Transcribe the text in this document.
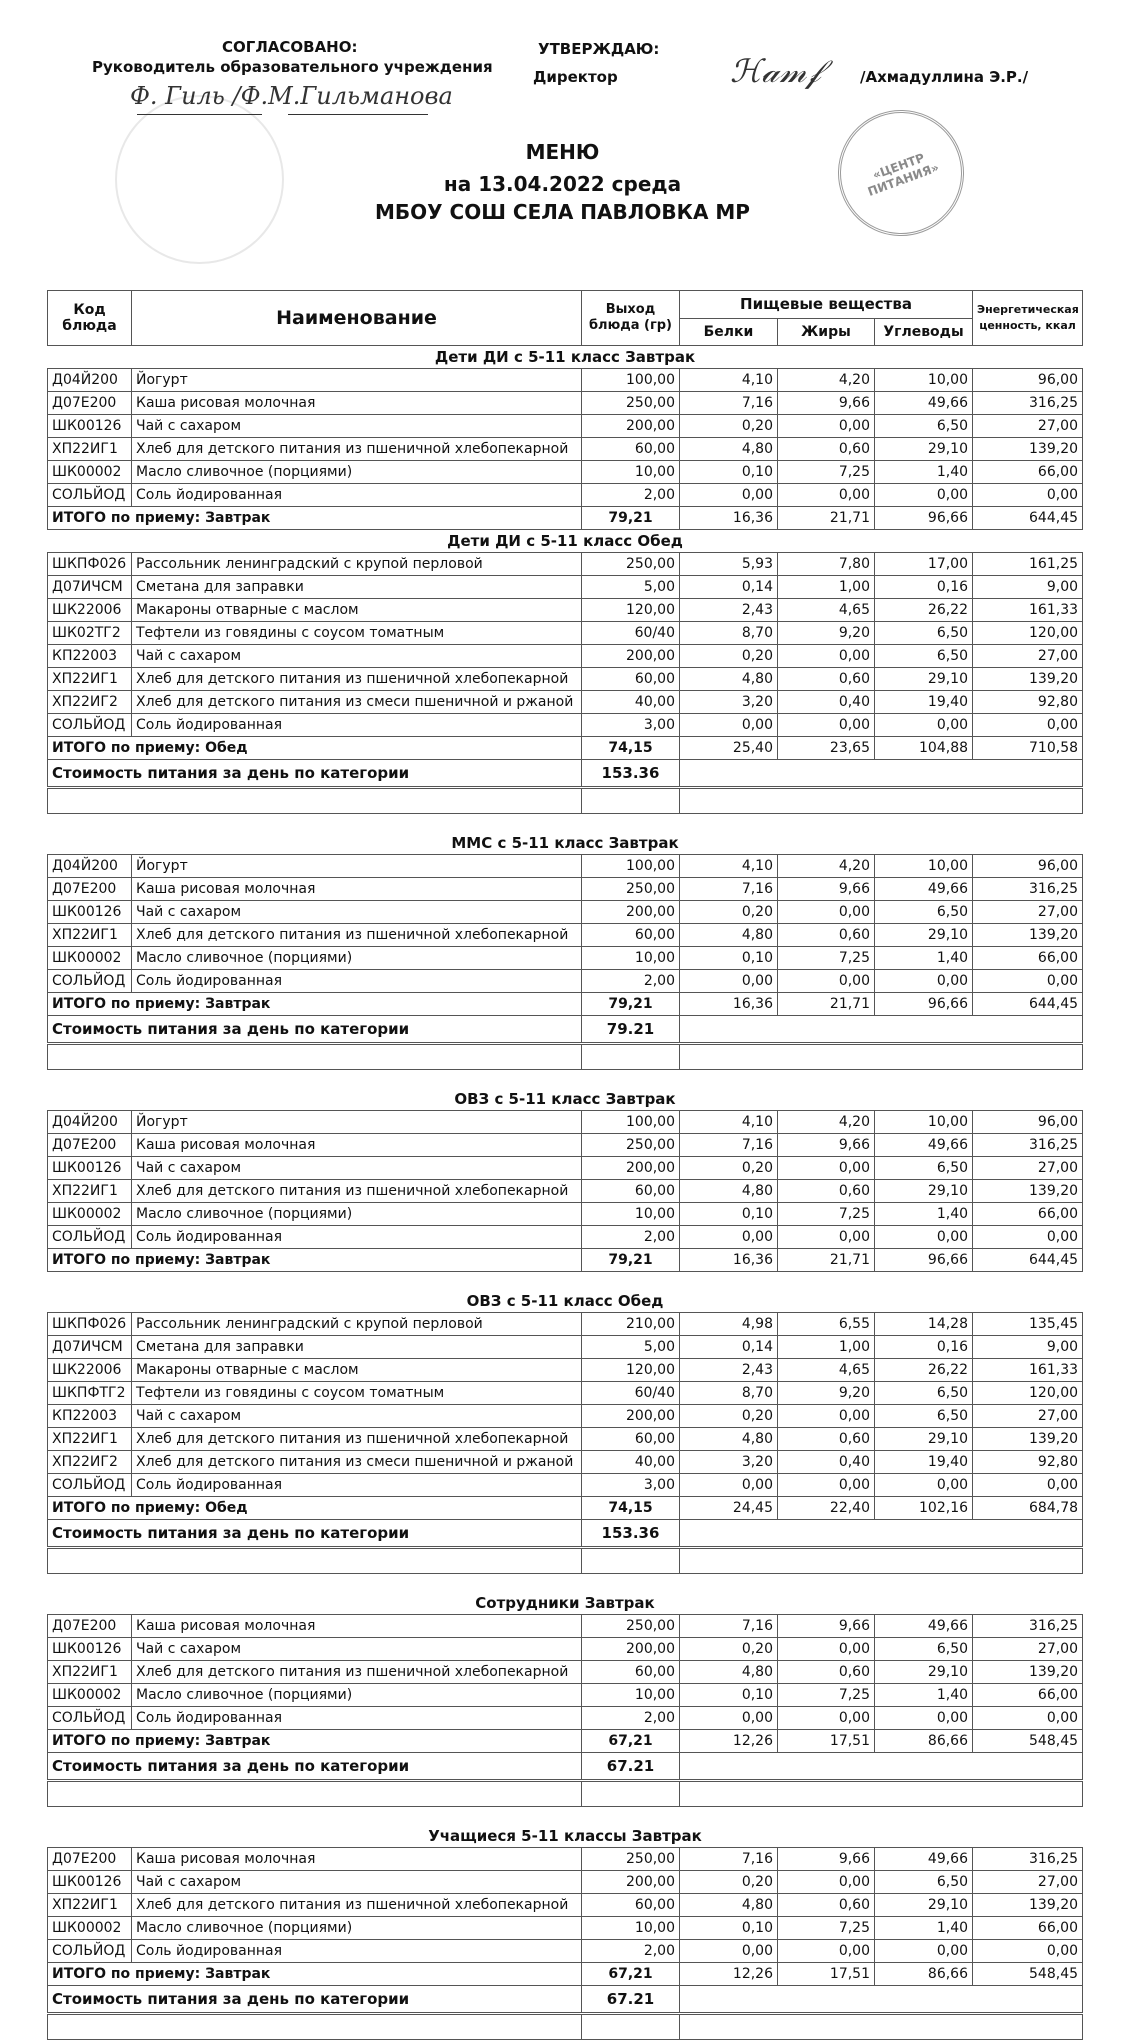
СОГЛАСОВАНО:
Руководитель образовательного учреждения
Ф. Гиль /Ф.М.Гильманова
УТВЕРЖДАЮ:
Директор	ℋ𝒶𝓂𝒻	/Ахмадуллина Э.Р./
«ЦЕНТР ПИТАНИЯ»
МЕНЮ
на 13.04.2022 среда
МБОУ СОШ СЕЛА ПАВЛОВКА МР
Код блюда	Наименование	Выход блюда (гр)	Пищевые вещества			Энергетическая ценность, ккал
			Белки	Жиры	Углеводы	
Дети ДИ с 5-11 класс Завтрак						
Д04Й200	Йогурт	100,00	4,10	4,20	10,00	96,00
Д07Е200	Каша рисовая молочная	250,00	7,16	9,66	49,66	316,25
ШК00126	Чай с сахаром	200,00	0,20	0,00	6,50	27,00
ХП22ИГ1	Хлеб для детского питания из пшеничной хлебопекарной	60,00	4,80	0,60	29,10	139,20
ШК00002	Масло сливочное (порциями)	10,00	0,10	7,25	1,40	66,00
СОЛЬЙОД	Соль йодированная	2,00	0,00	0,00	0,00	0,00
ИТОГО по приему: Завтрак		79,21	16,36	21,71	96,66	644,45
Дети ДИ с 5-11 класс Обед						
ШКПФ026	Рассольник ленинградский с крупой перловой	250,00	5,93	7,80	17,00	161,25
Д07ИЧСМ	Сметана для заправки	5,00	0,14	1,00	0,16	9,00
ШК22006	Макароны отварные с маслом	120,00	2,43	4,65	26,22	161,33
ШК02ТГ2	Тефтели из говядины с соусом томатным	60/40	8,70	9,20	6,50	120,00
КП22003	Чай с сахаром	200,00	0,20	0,00	6,50	27,00
ХП22ИГ1	Хлеб для детского питания из пшеничной хлебопекарной	60,00	4,80	0,60	29,10	139,20
ХП22ИГ2	Хлеб для детского питания из смеси пшеничной и ржаной	40,00	3,20	0,40	19,40	92,80
СОЛЬЙОД	Соль йодированная	3,00	0,00	0,00	0,00	0,00
ИТОГО по приему: Обед		74,15	25,40	23,65	104,88	710,58
Стоимость питания за день по категории		153.36				

ММС с 5-11 класс Завтрак						
Д04Й200	Йогурт	100,00	4,10	4,20	10,00	96,00
Д07Е200	Каша рисовая молочная	250,00	7,16	9,66	49,66	316,25
ШК00126	Чай с сахаром	200,00	0,20	0,00	6,50	27,00
ХП22ИГ1	Хлеб для детского питания из пшеничной хлебопекарной	60,00	4,80	0,60	29,10	139,20
ШК00002	Масло сливочное (порциями)	10,00	0,10	7,25	1,40	66,00
СОЛЬЙОД	Соль йодированная	2,00	0,00	0,00	0,00	0,00
ИТОГО по приему: Завтрак		79,21	16,36	21,71	96,66	644,45
Стоимость питания за день по категории		79.21				

ОВЗ с 5-11 класс Завтрак						
Д04Й200	Йогурт	100,00	4,10	4,20	10,00	96,00
Д07Е200	Каша рисовая молочная	250,00	7,16	9,66	49,66	316,25
ШК00126	Чай с сахаром	200,00	0,20	0,00	6,50	27,00
ХП22ИГ1	Хлеб для детского питания из пшеничной хлебопекарной	60,00	4,80	0,60	29,10	139,20
ШК00002	Масло сливочное (порциями)	10,00	0,10	7,25	1,40	66,00
СОЛЬЙОД	Соль йодированная	2,00	0,00	0,00	0,00	0,00
ИТОГО по приему: Завтрак		79,21	16,36	21,71	96,66	644,45

ОВЗ с 5-11 класс Обед						
ШКПФ026	Рассольник ленинградский с крупой перловой	210,00	4,98	6,55	14,28	135,45
Д07ИЧСМ	Сметана для заправки	5,00	0,14	1,00	0,16	9,00
ШК22006	Макароны отварные с маслом	120,00	2,43	4,65	26,22	161,33
ШКПФТГ2	Тефтели из говядины с соусом томатным	60/40	8,70	9,20	6,50	120,00
КП22003	Чай с сахаром	200,00	0,20	0,00	6,50	27,00
ХП22ИГ1	Хлеб для детского питания из пшеничной хлебопекарной	60,00	4,80	0,60	29,10	139,20
ХП22ИГ2	Хлеб для детского питания из смеси пшеничной и ржаной	40,00	3,20	0,40	19,40	92,80
СОЛЬЙОД	Соль йодированная	3,00	0,00	0,00	0,00	0,00
ИТОГО по приему: Обед		74,15	24,45	22,40	102,16	684,78
Стоимость питания за день по категории		153.36				

Сотрудники Завтрак						
Д07Е200	Каша рисовая молочная	250,00	7,16	9,66	49,66	316,25
ШК00126	Чай с сахаром	200,00	0,20	0,00	6,50	27,00
ХП22ИГ1	Хлеб для детского питания из пшеничной хлебопекарной	60,00	4,80	0,60	29,10	139,20
ШК00002	Масло сливочное (порциями)	10,00	0,10	7,25	1,40	66,00
СОЛЬЙОД	Соль йодированная	2,00	0,00	0,00	0,00	0,00
ИТОГО по приему: Завтрак		67,21	12,26	17,51	86,66	548,45
Стоимость питания за день по категории		67.21				

Учащиеся 5-11 классы Завтрак						
Д07Е200	Каша рисовая молочная	250,00	7,16	9,66	49,66	316,25
ШК00126	Чай с сахаром	200,00	0,20	0,00	6,50	27,00
ХП22ИГ1	Хлеб для детского питания из пшеничной хлебопекарной	60,00	4,80	0,60	29,10	139,20
ШК00002	Масло сливочное (порциями)	10,00	0,10	7,25	1,40	66,00
СОЛЬЙОД	Соль йодированная	2,00	0,00	0,00	0,00	0,00
ИТОГО по приему: Завтрак		67,21	12,26	17,51	86,66	548,45
Стоимость питания за день по категории		67.21				
